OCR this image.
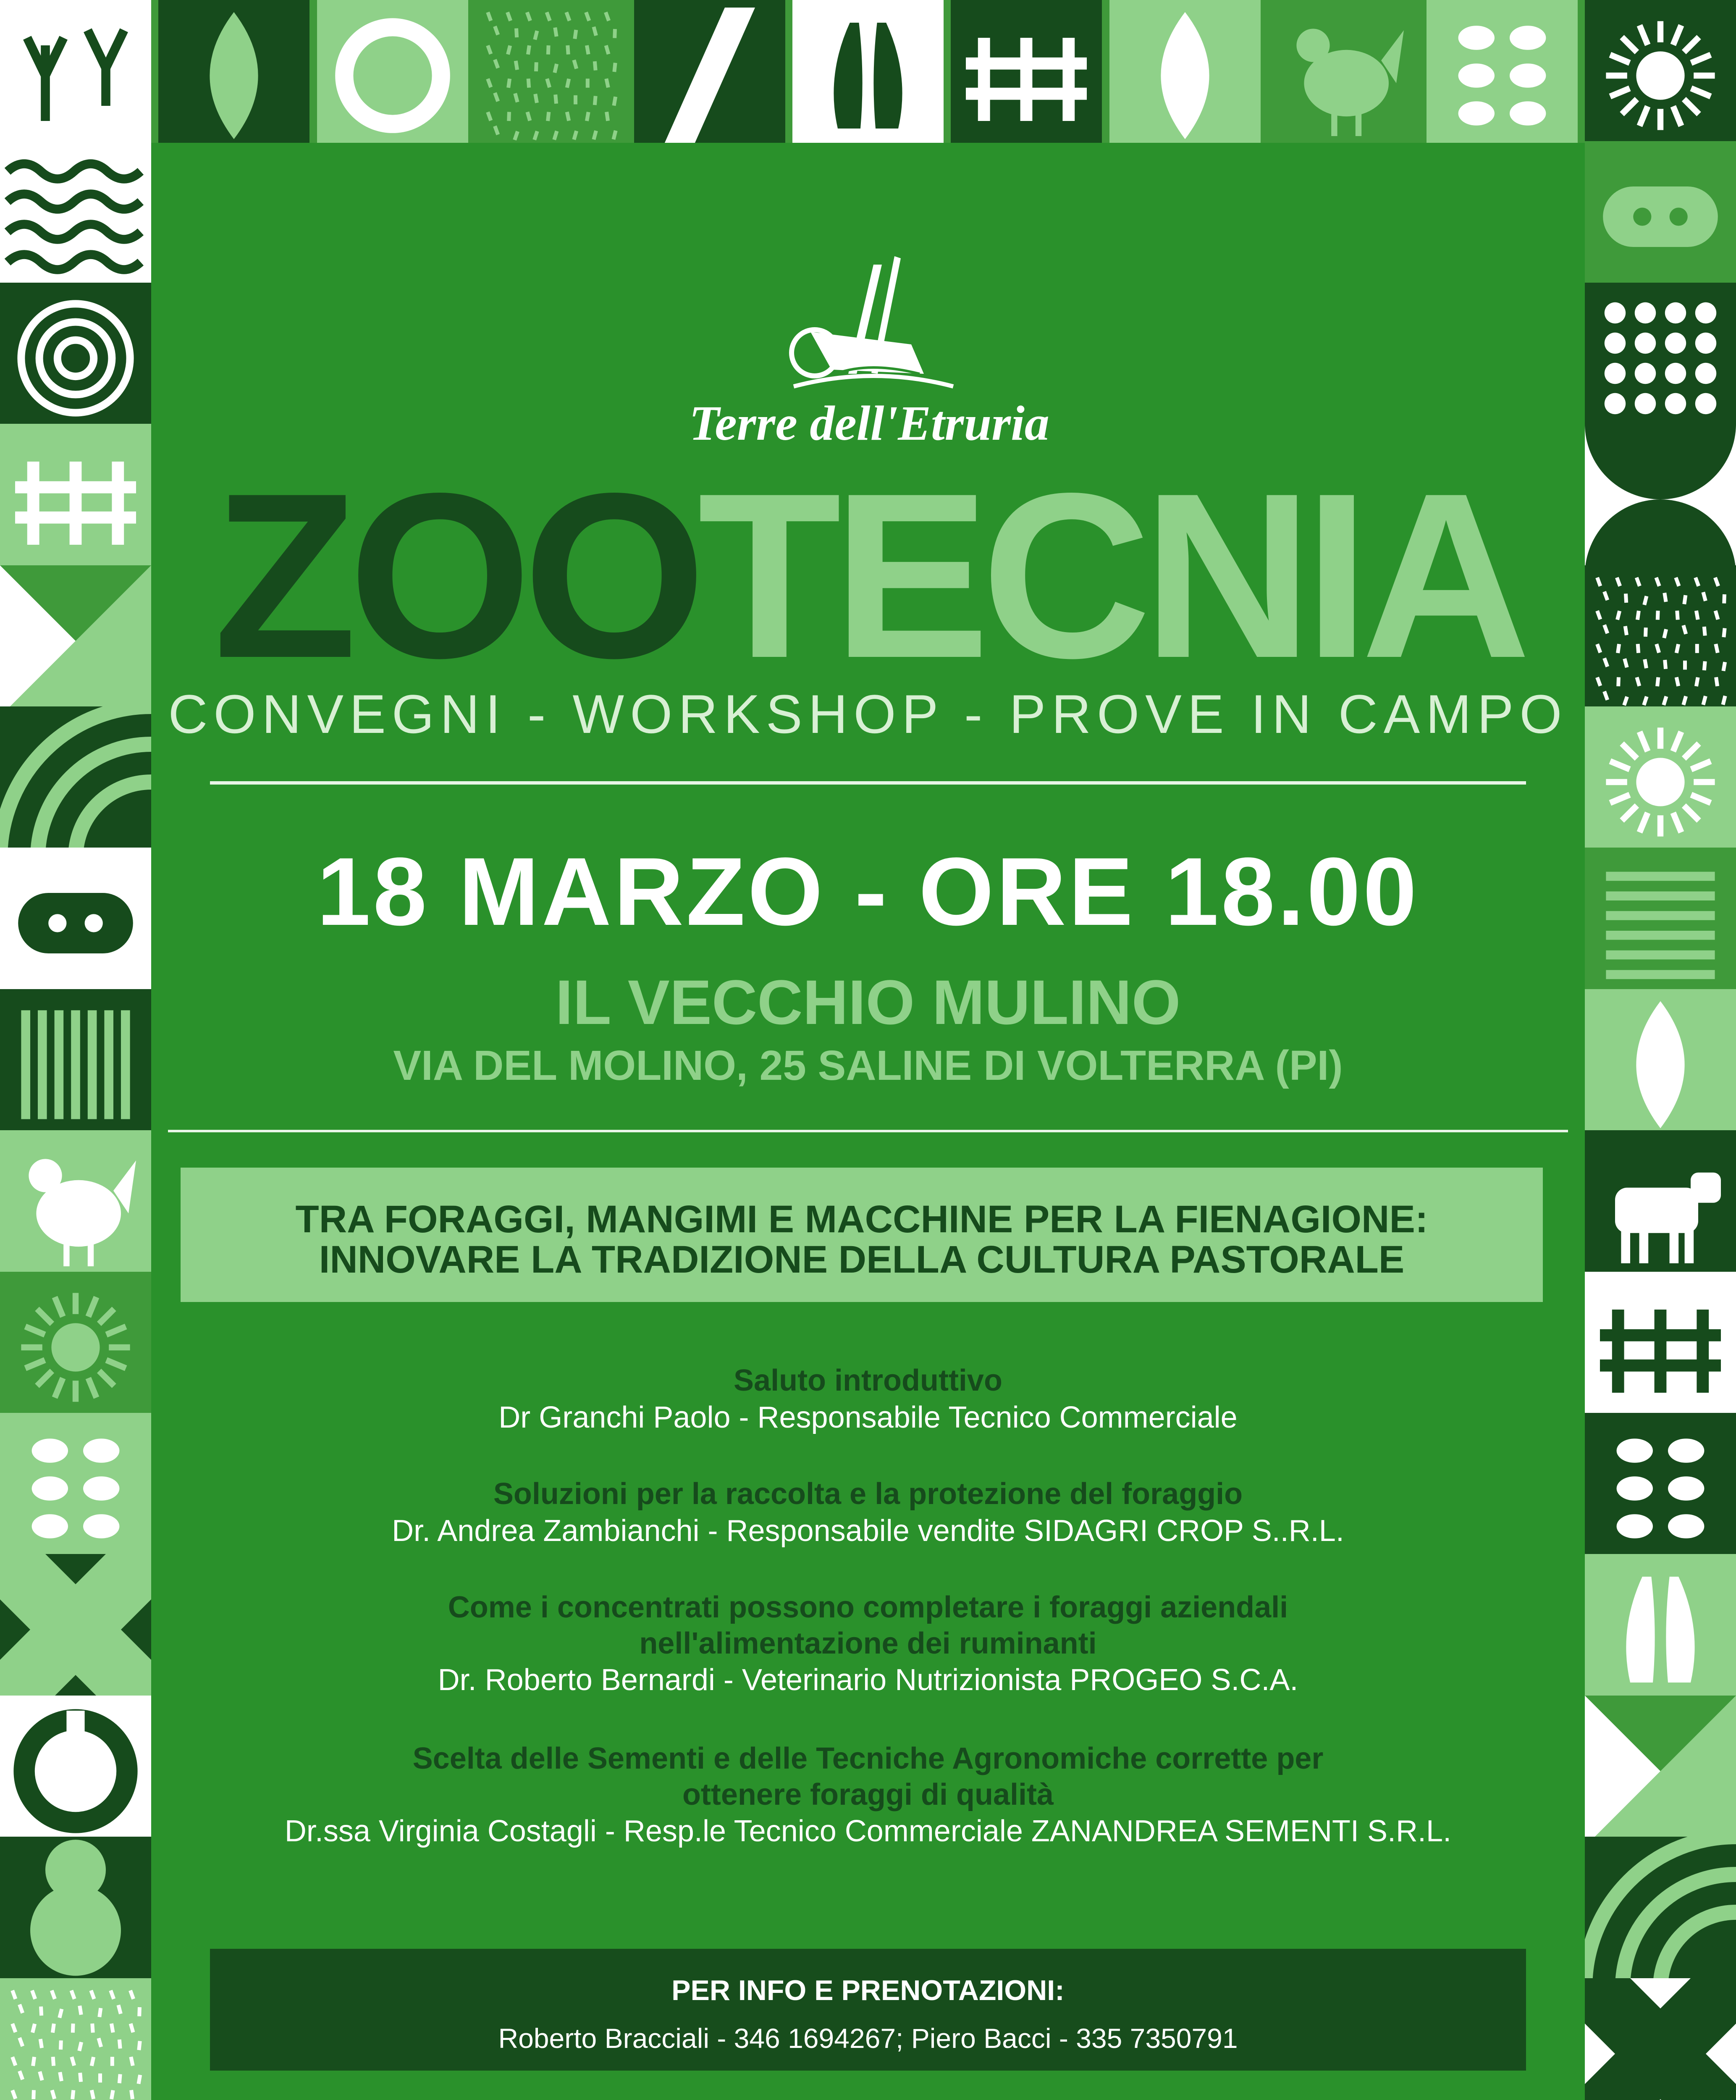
Terre dell'Etruria
ZOOTECNIA
CONVEGNI - WORKSHOP - PROVE IN CAMPO
18 MARZO - ORE 18.00
IL VECCHIO MULINO
VIA DEL MOLINO, 25 SALINE DI VOLTERRA (PI)
TRA FORAGGI, MANGIMI E MACCHINE PER LA FIENAGIONE:
INNOVARE LA TRADIZIONE DELLA CULTURA PASTORALE
Saluto introduttivo
Dr Granchi Paolo - Responsabile Tecnico Commerciale
Soluzioni per la raccolta e la protezione del foraggio
Dr. Andrea Zambianchi - Responsabile vendite SIDAGRI CROP S..R.L.
Come i concentrati possono completare i foraggi aziendali
nell'alimentazione dei ruminanti
Dr. Roberto Bernardi - Veterinario Nutrizionista PROGEO S.C.A.
Scelta delle Sementi e delle Tecniche Agronomiche corrette per
ottenere foraggi di qualità
Dr.ssa Virginia Costagli - Resp.le Tecnico Commerciale ZANANDREA SEMENTI S.R.L.
PER INFO E PRENOTAZIONI:
Roberto Bracciali - 346 1694267; Piero Bacci - 335 7350791
